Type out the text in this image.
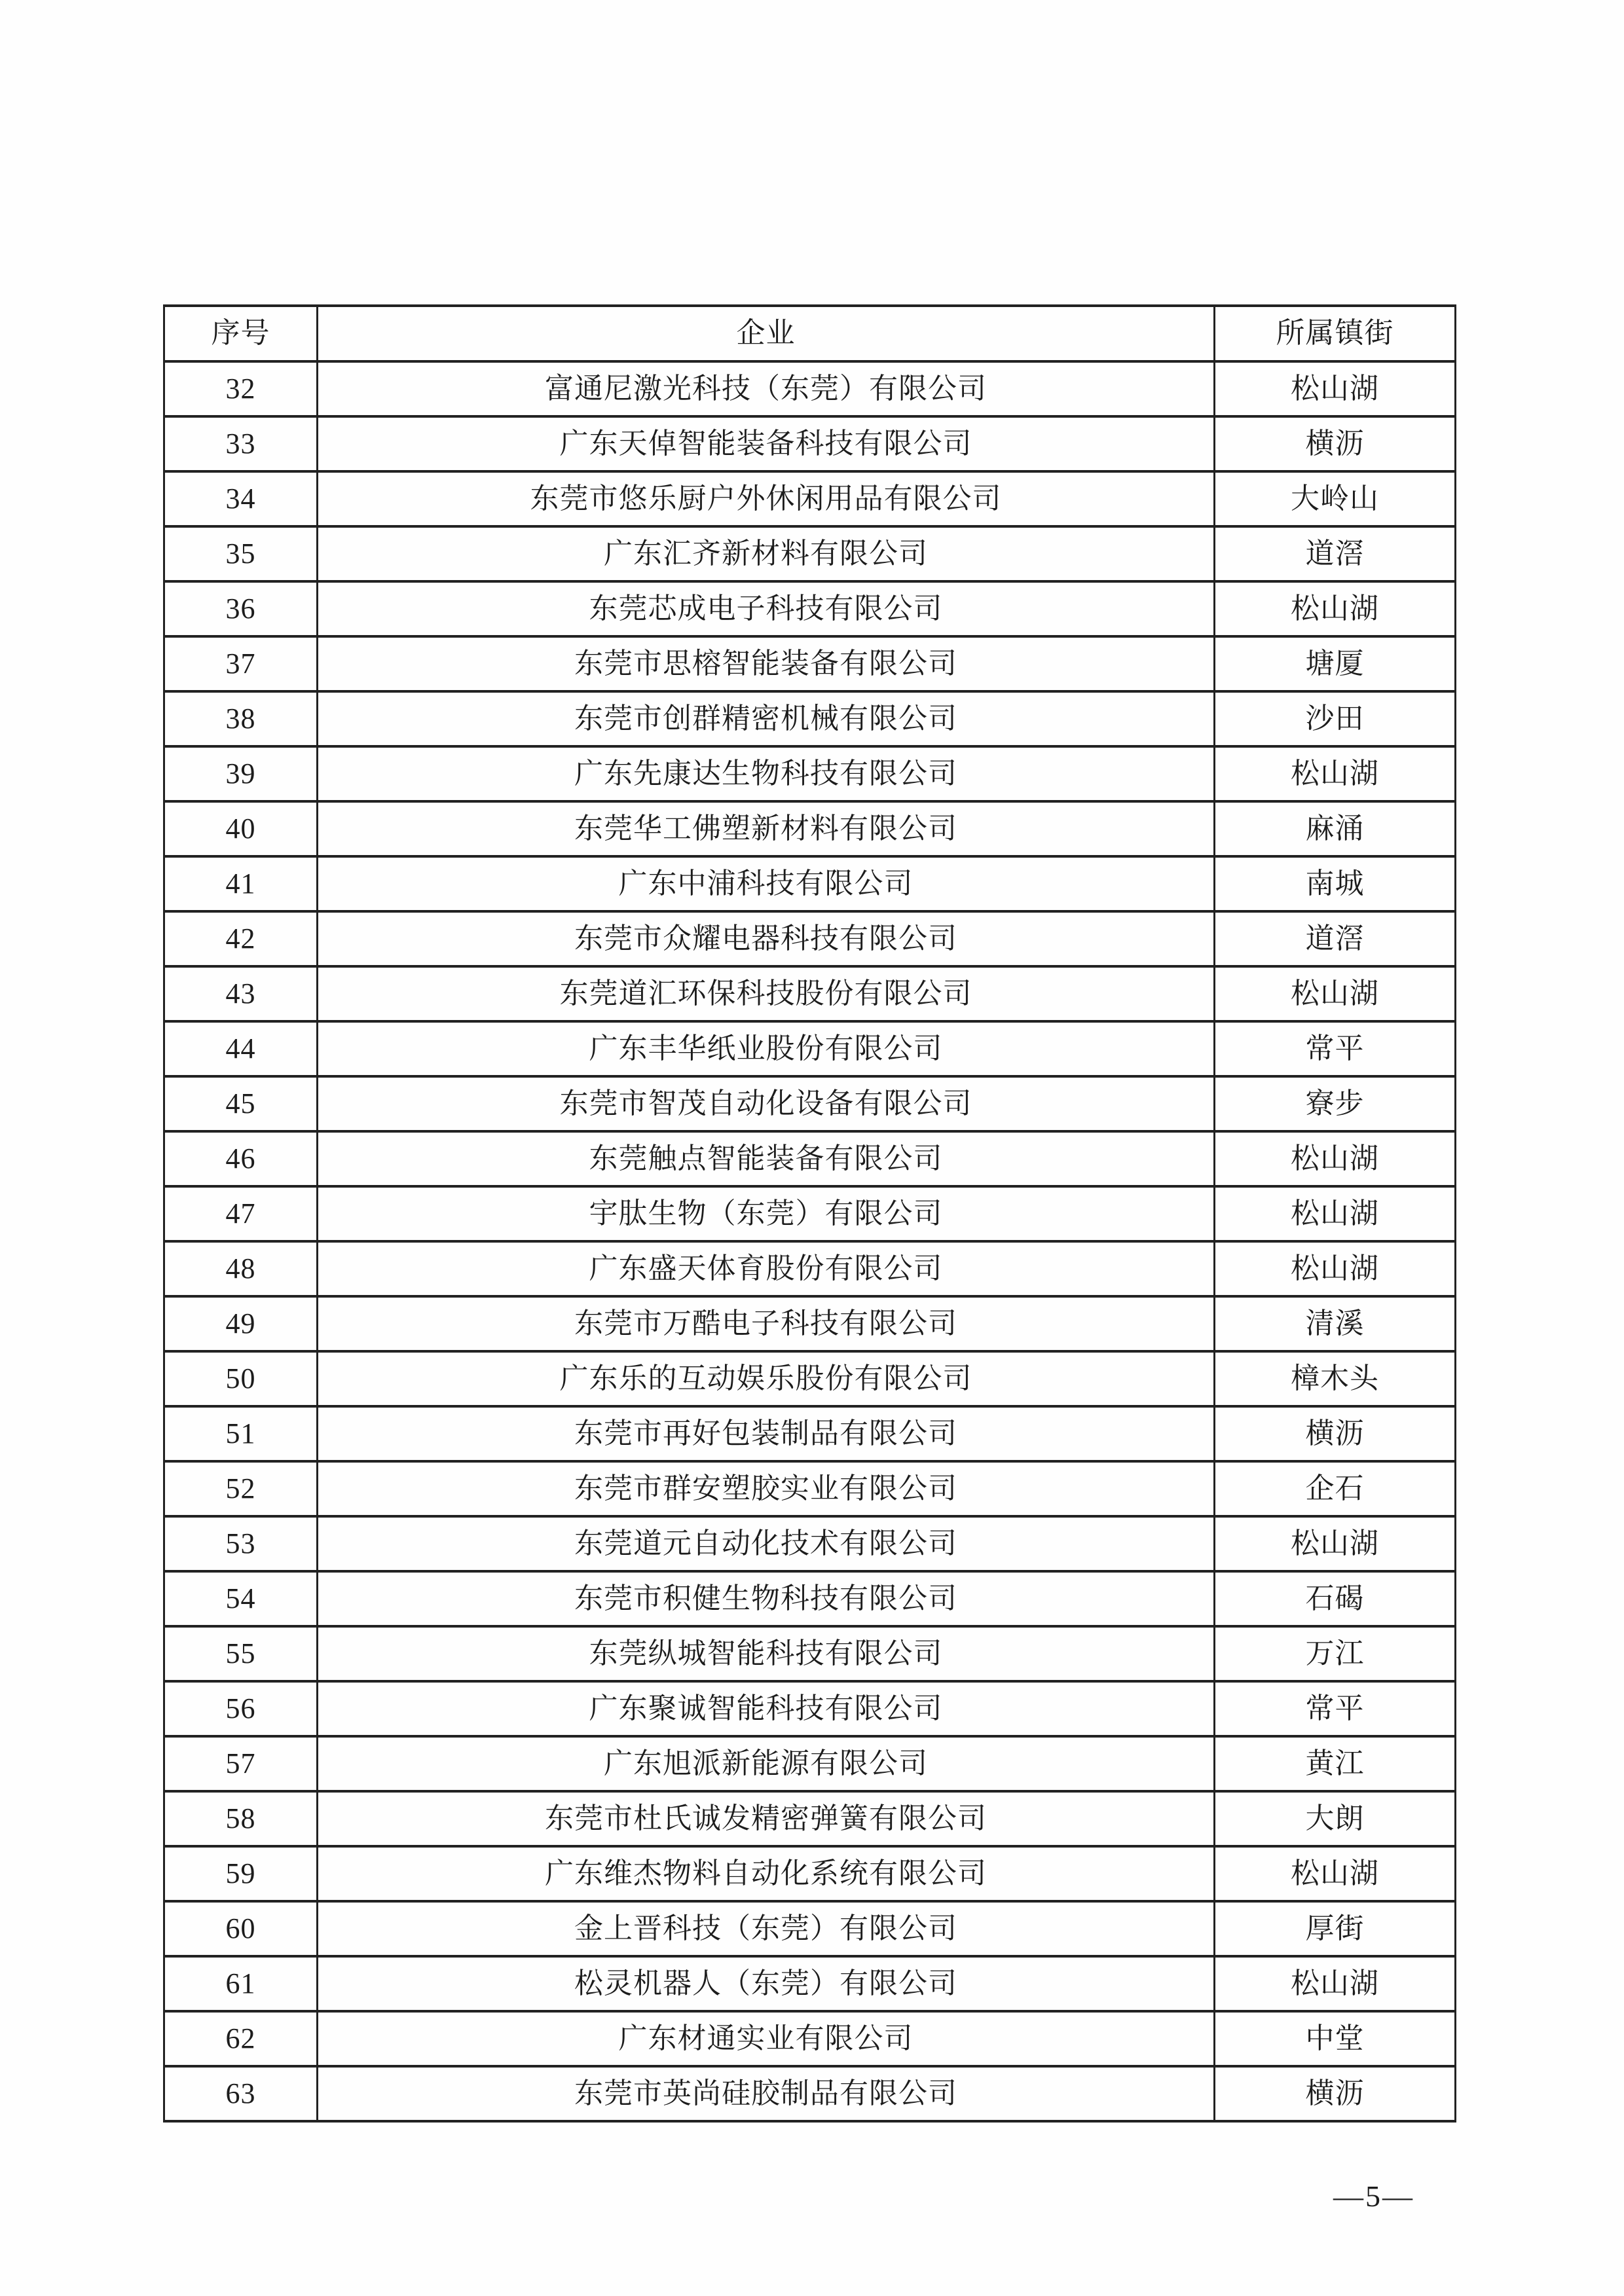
序号	企业	所属镇街
32	富通尼激光科技（东莞）有限公司	松山湖
33	广东天倬智能装备科技有限公司	横沥
34	东莞市悠乐厨户外休闲用品有限公司	大岭山
35	广东汇齐新材料有限公司	道滘
36	东莞芯成电子科技有限公司	松山湖
37	东莞市思榕智能装备有限公司	塘厦
38	东莞市创群精密机械有限公司	沙田
39	广东先康达生物科技有限公司	松山湖
40	东莞华工佛塑新材料有限公司	麻涌
41	广东中浦科技有限公司	南城
42	东莞市众耀电器科技有限公司	道滘
43	东莞道汇环保科技股份有限公司	松山湖
44	广东丰华纸业股份有限公司	常平
45	东莞市智茂自动化设备有限公司	寮步
46	东莞触点智能装备有限公司	松山湖
47	宇肽生物（东莞）有限公司	松山湖
48	广东盛天体育股份有限公司	松山湖
49	东莞市万酷电子科技有限公司	清溪
50	广东乐的互动娱乐股份有限公司	樟木头
51	东莞市再好包装制品有限公司	横沥
52	东莞市群安塑胶实业有限公司	企石
53	东莞道元自动化技术有限公司	松山湖
54	东莞市积健生物科技有限公司	石碣
55	东莞纵城智能科技有限公司	万江
56	广东聚诚智能科技有限公司	常平
57	广东旭派新能源有限公司	黄江
58	东莞市杜氏诚发精密弹簧有限公司	大朗
59	广东维杰物料自动化系统有限公司	松山湖
60	金上晋科技（东莞）有限公司	厚街
61	松灵机器人（东莞）有限公司	松山湖
62	广东材通实业有限公司	中堂
63	东莞市英尚硅胶制品有限公司	横沥
—5—
